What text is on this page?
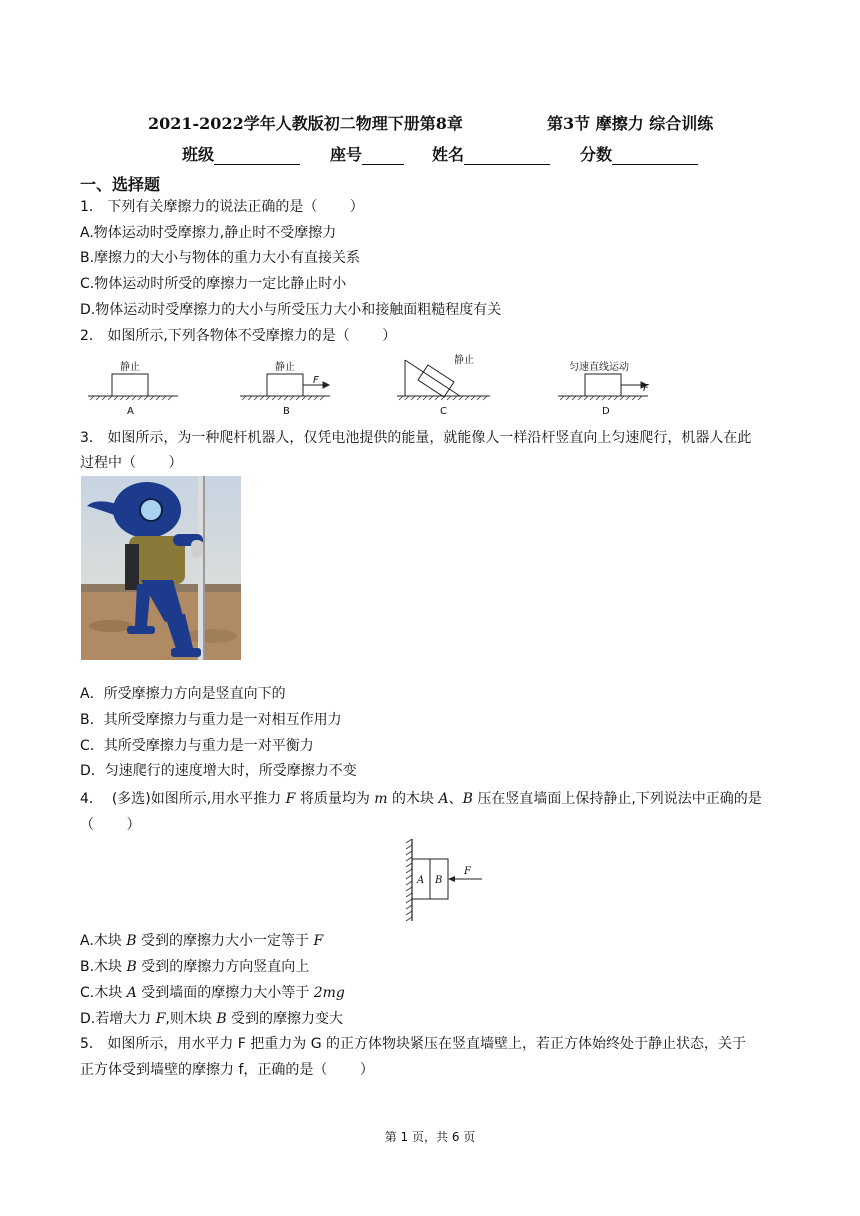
2021-2022学年人教版初二物理下册第8章	第3节 摩擦力 综合训练
班级	座号	姓名	分数
一、选择题
1． 下列有关摩擦力的说法正确的是（　　 ）
A.物体运动时受摩擦力,静止时不受摩擦力
B.摩擦力的大小与物体的重力大小有直接关系
C.物体运动时所受的摩擦力一定比静止时小
D.物体运动时受摩擦力的大小与所受压力大小和接触面粗糙程度有关
2． 如图所示,下列各物体不受摩擦力的是（　　 ）
静止
A
静止
F
B
静止
C
匀速直线运动
F
D
3． 如图所示，为一种爬杆机器人，仅凭电池提供的能量，就能像人一样沿杆竖直向上匀速爬行，机器人在此
过程中（　　 ）
A．所受摩擦力方向是竖直向下的
B．其所受摩擦力与重力是一对相互作用力
C．其所受摩擦力与重力是一对平衡力
D．匀速爬行的速度增大时，所受摩擦力不变
4． (多选)如图所示,用水平推力 F 将质量均为 m 的木块 A、B 压在竖直墙面上保持静止,下列说法中正确的是
（　　 ）
A B
F
A.木块 B 受到的摩擦力大小一定等于 F
B.木块 B 受到的摩擦力方向竖直向上
C.木块 A 受到墙面的摩擦力大小等于 2mg
D.若增大力 F,则木块 B 受到的摩擦力变大
5． 如图所示，用水平力 F 把重力为 G 的正方体物块紧压在竖直墙壁上，若正方体始终处于静止状态，关于
正方体受到墙壁的摩擦力 f，正确的是（　　 ）
第 1 页，共 6 页
